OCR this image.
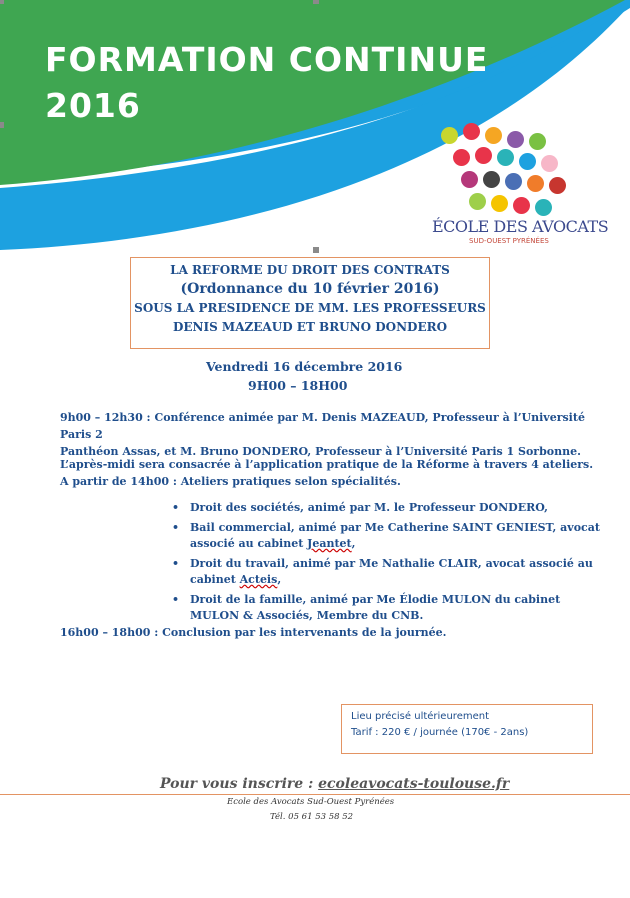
FORMATION CONTINUE
2016
ÉCOLE DES AVOCATS
SUD-OUEST PYRÉNÉES
LA REFORME DU DROIT DES CONTRATS
(Ordonnance du 10 février 2016)
SOUS LA PRESIDENCE DE MM. LES PROFESSEURS
DENIS MAZEAUD ET BRUNO DONDERO
Vendredi 16 décembre 2016
9H00 – 18H00
9h00 – 12h30 : Conférence animée par M. Denis MAZEAUD, Professeur à l’Université Paris 2
Panthéon Assas, et M. Bruno DONDERO, Professeur à l’Université Paris 1 Sorbonne.
L’après-midi sera consacrée à l’application pratique de la Réforme à travers 4 ateliers.
A partir de 14h00 : Ateliers pratiques selon spécialités.
• Droit des sociétés, animé par M. le Professeur DONDERO,
• Bail commercial, animé par Me Catherine SAINT GENIEST, avocat associé au cabinet Jeantet,
• Droit du travail, animé par Me Nathalie CLAIR, avocat associé au cabinet Acteis,
• Droit de la famille, animé par Me Élodie MULON du cabinet MULON & Associés, Membre du CNB.
16h00 – 18h00 : Conclusion par les intervenants de la journée.
Lieu précisé ultérieurement
Tarif : 220 € / journée (170€ - 2ans)
Pour vous inscrire : ecoleavocats-toulouse.fr
Ecole des Avocats Sud-Ouest Pyrénées
Tél. 05 61 53 58 52
